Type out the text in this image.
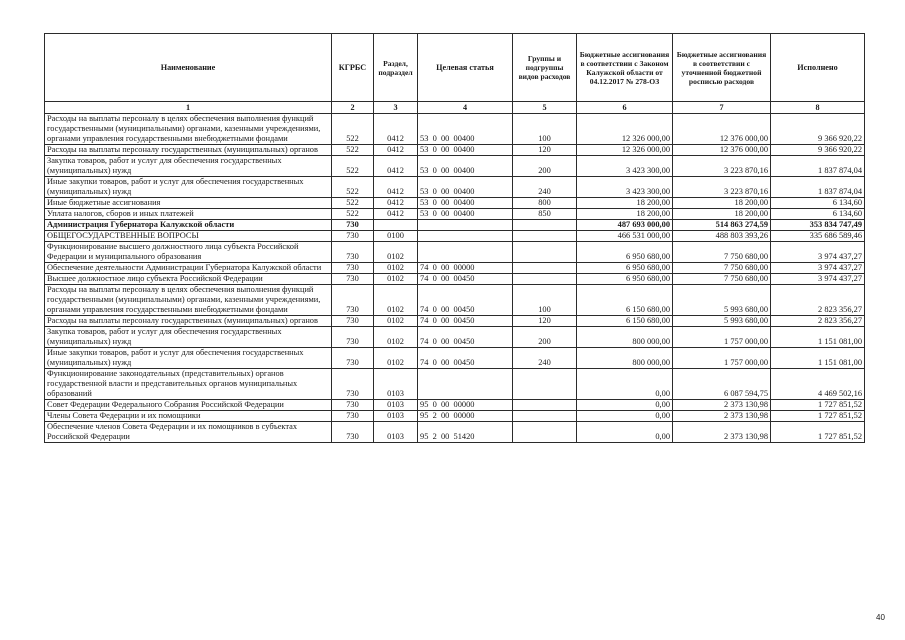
Наименование	КГРБС	Раздел, подраздел	Целевая статья	Группы и подгруппы видов расходов	Бюджетные ассигнования в соответствии с Законом Калужской области от 04.12.2017 № 278-ОЗ	Бюджетные ассигнования в соответствии с уточненной бюджетной росписью расходов	Исполнено
1	2	3	4	5	6	7	8
Расходы на выплаты персоналу в целях обеспечения выполнения функций государственными (муниципальными) органами, казенными учреждениями, органами управления государственными внебюджетными фондами	522	0412	53  0  00  00400	100	12 326 000,00	12 376 000,00	9 366 920,22
Расходы на выплаты персоналу государственных (муниципальных) органов	522	0412	53  0  00  00400	120	12 326 000,00	12 376 000,00	9 366 920,22
Закупка товаров, работ и услуг для обеспечения государственных (муниципальных) нужд	522	0412	53  0  00  00400	200	3 423 300,00	3 223 870,16	1 837 874,04
Иные закупки товаров, работ и услуг для обеспечения государственных (муниципальных) нужд	522	0412	53  0  00  00400	240	3 423 300,00	3 223 870,16	1 837 874,04
Иные бюджетные ассигнования	522	0412	53  0  00  00400	800	18 200,00	18 200,00	6 134,60
Уплата налогов, сборов и иных платежей	522	0412	53  0  00  00400	850	18 200,00	18 200,00	6 134,60
Администрация Губернатора Калужской области	730				487 693 000,00	514 863 274,59	353 834 747,49
ОБЩЕГОСУДАРСТВЕННЫЕ ВОПРОСЫ	730	0100			466 531 000,00	488 803 393,26	335 686 589,46
Функционирование высшего должностного лица субъекта Российской Федерации и муниципального образования	730	0102			6 950 680,00	7 750 680,00	3 974 437,27
Обеспечение деятельности Администрации Губернатора Калужской области	730	0102	74  0  00  00000		6 950 680,00	7 750 680,00	3 974 437,27
Высшее должностное лицо субъекта Российской Федерации	730	0102	74  0  00  00450		6 950 680,00	7 750 680,00	3 974 437,27
Расходы на выплаты персоналу в целях обеспечения выполнения функций государственными (муниципальными) органами, казенными учреждениями, органами управления государственными внебюджетными фондами	730	0102	74  0  00  00450	100	6 150 680,00	5 993 680,00	2 823 356,27
Расходы на выплаты персоналу государственных (муниципальных) органов	730	0102	74  0  00  00450	120	6 150 680,00	5 993 680,00	2 823 356,27
Закупка товаров, работ и услуг для обеспечения государственных (муниципальных) нужд	730	0102	74  0  00  00450	200	800 000,00	1 757 000,00	1 151 081,00
Иные закупки товаров, работ и услуг для обеспечения государственных (муниципальных) нужд	730	0102	74  0  00  00450	240	800 000,00	1 757 000,00	1 151 081,00
Функционирование законодательных (представительных) органов государственной власти и представительных органов муниципальных образований	730	0103			0,00	6 087 594,75	4 469 502,16
Совет Федерации Федерального Собрания Российской Федерации	730	0103	95  0  00  00000		0,00	2 373 130,98	1 727 851,52
Члены Совета Федерации и их помощники	730	0103	95  2  00  00000		0,00	2 373 130,98	1 727 851,52
Обеспечение членов Совета Федерации и их помощников в субъектах Российской Федерации	730	0103	95  2  00  51420		0,00	2 373 130,98	1 727 851,52
40
